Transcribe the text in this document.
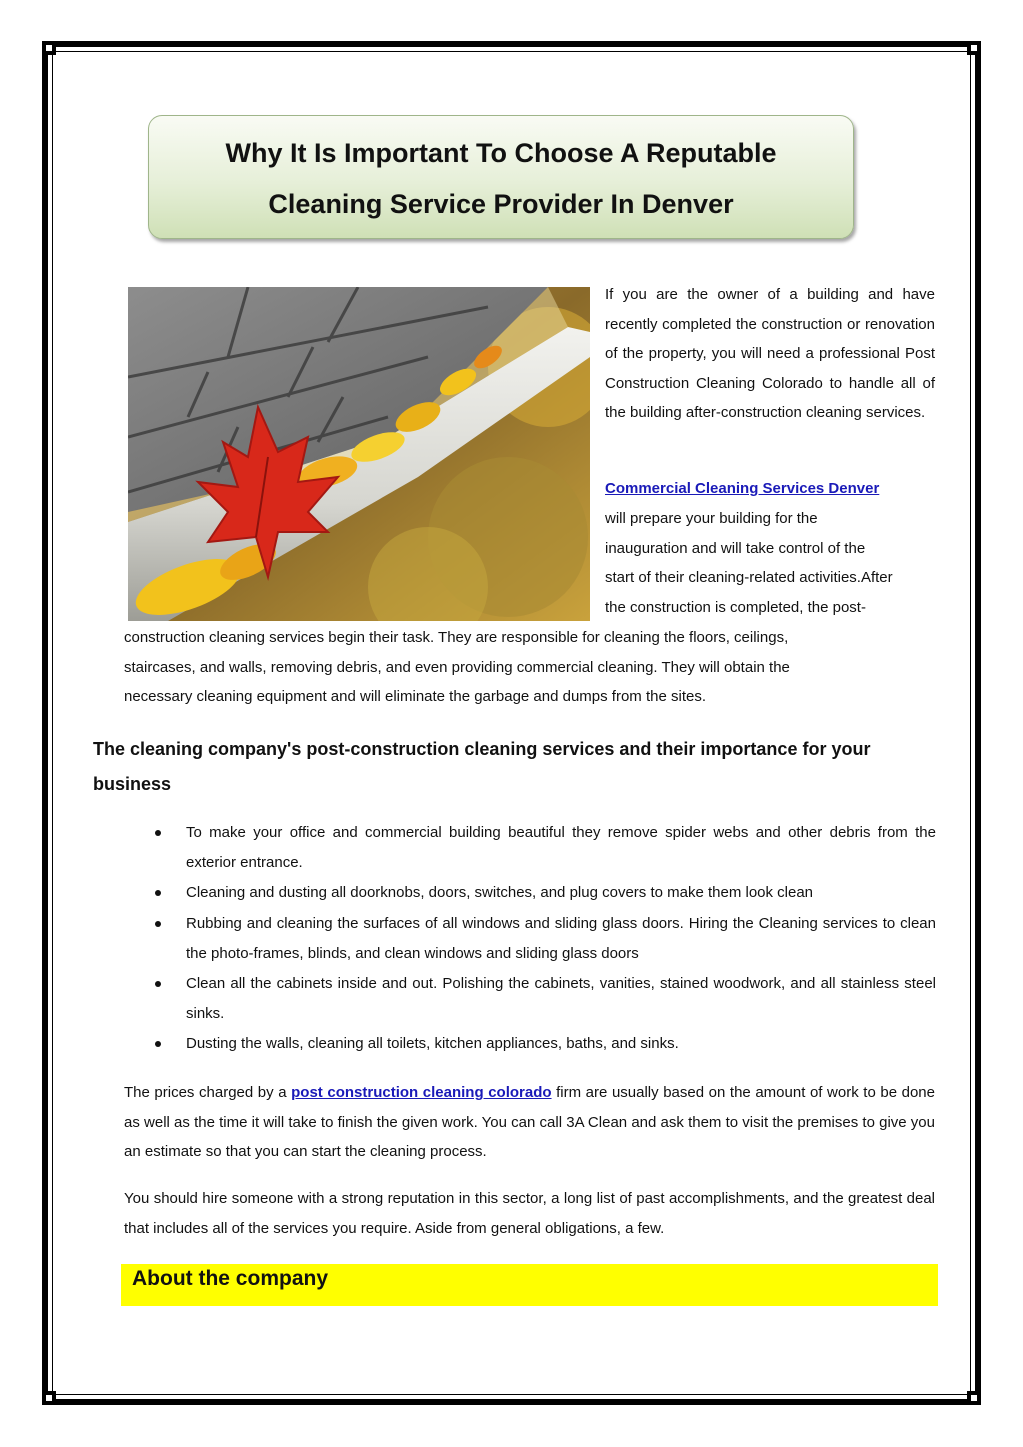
Why It Is Important To Choose A Reputable
Cleaning Service Provider In Denver

If you are the owner of a building and have recently completed the construction or renovation of the property, you will need a professional Post Construction Cleaning Colorado to handle all of the building after-construction cleaning services.

Commercial Cleaning Services Denver
will prepare your building for the
inauguration and will take control of the
start of their cleaning-related activities.After
the construction is completed, the post-
construction cleaning services begin their task. They are responsible for cleaning the floors, ceilings,
staircases, and walls, removing debris, and even providing commercial cleaning. They will obtain the
necessary cleaning equipment and will eliminate the garbage and dumps from the sites.
The cleaning company's post-construction cleaning services and their importance for your business
To make your office and commercial building beautiful they remove spider webs and other debris from the exterior entrance.
Cleaning and dusting all doorknobs, doors, switches, and plug covers to make them look clean
Rubbing and cleaning the surfaces of all windows and sliding glass doors. Hiring the Cleaning services to clean the photo-frames, blinds, and clean windows and sliding glass doors
Clean all the cabinets inside and out. Polishing the cabinets, vanities, stained woodwork, and all stainless steel sinks.
Dusting the walls, cleaning all toilets, kitchen appliances, baths, and sinks.

The prices charged by a post construction cleaning colorado firm are usually based on the amount of work to be done as well as the time it will take to finish the given work. You can call 3A Clean and ask them to visit the premises to give you an estimate so that you can start the cleaning process.

You should hire someone with a strong reputation in this sector, a long list of past accomplishments, and the greatest deal that includes all of the services you require. Aside from general obligations, a few.

About the company
